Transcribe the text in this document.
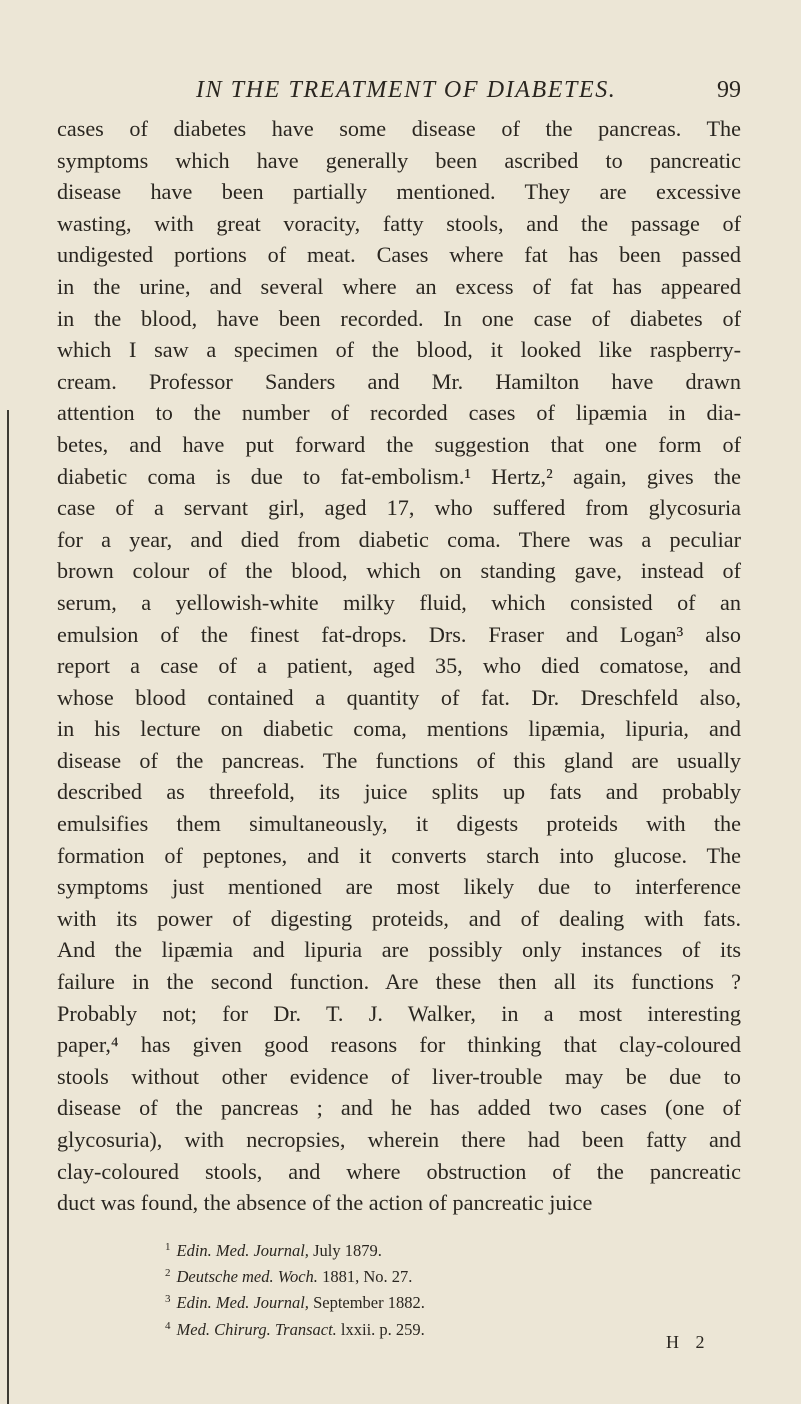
IN THE TREATMENT OF DIABETES.	99
cases of diabetes have some disease of the pancreas. The
symptoms which have generally been ascribed to pancreatic
disease have been partially mentioned. They are excessive
wasting, with great voracity, fatty stools, and the passage of
undigested portions of meat. Cases where fat has been passed
in the urine, and several where an excess of fat has appeared
in the blood, have been recorded. In one case of diabetes of
which I saw a specimen of the blood, it looked like raspberry-
cream. Professor Sanders and Mr. Hamilton have drawn
attention to the number of recorded cases of lipæmia in dia-
betes, and have put forward the suggestion that one form of
diabetic coma is due to fat-embolism.¹ Hertz,² again, gives the
case of a servant girl, aged 17, who suffered from glycosuria
for a year, and died from diabetic coma. There was a peculiar
brown colour of the blood, which on standing gave, instead of
serum, a yellowish-white milky fluid, which consisted of an
emulsion of the finest fat-drops. Drs. Fraser and Logan³ also
report a case of a patient, aged 35, who died comatose, and
whose blood contained a quantity of fat. Dr. Dreschfeld also,
in his lecture on diabetic coma, mentions lipæmia, lipuria, and
disease of the pancreas. The functions of this gland are usually
described as threefold, its juice splits up fats and probably
emulsifies them simultaneously, it digests proteids with the
formation of peptones, and it converts starch into glucose. The
symptoms just mentioned are most likely due to interference
with its power of digesting proteids, and of dealing with fats.
And the lipæmia and lipuria are possibly only instances of its
failure in the second function. Are these then all its functions ?
Probably not; for Dr. T. J. Walker, in a most interesting
paper,⁴ has given good reasons for thinking that clay-coloured
stools without other evidence of liver-trouble may be due to
disease of the pancreas ; and he has added two cases (one of
glycosuria), with necropsies, wherein there had been fatty and
clay-coloured stools, and where obstruction of the pancreatic
duct was found, the absence of the action of pancreatic juice
$^1$ Edin. Med. Journal, July 1879.
$^2$ Deutsche med. Woch. 1881, No. 27.
$^3$ Edin. Med. Journal, September 1882.
$^4$ Med. Chirurg. Transact. lxxii. p. 259.
H 2
